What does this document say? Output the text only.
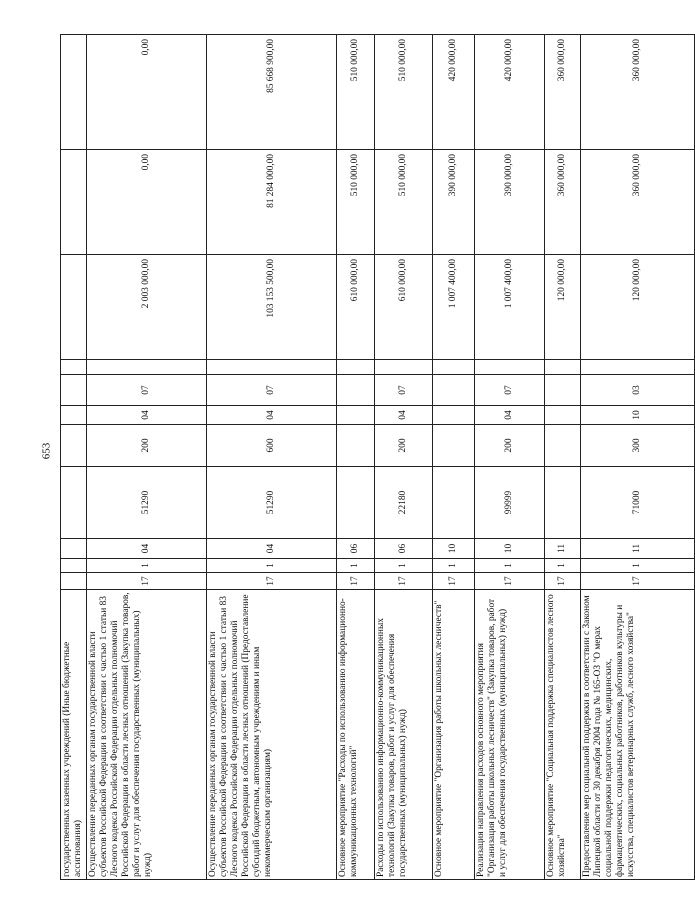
653
государственных казенных учреждений (Иные бюджетные ассигнования)											
Осуществление переданных органам государственной власти субъектов Российской Федерации в соответствии с частью 1 статьи 83 Лесного кодекса Российской Федерации отдельных полномочий Российской Федерации в области лесных отношений (Закупка товаров, работ и услуг для обеспечения государственных (муниципальных) нужд)	17	1	04	51290	200	04	07		2 003 000,00	0,00	0,00
Осуществление переданных органам государственной власти субъектов Российской Федерации в соответствии с частью 1 статьи 83 Лесного кодекса Российской Федерации отдельных полномочий Российской Федерации в области лесных отношений (Предоставление субсидий бюджетным, автономным учреждениям и иным некоммерческим организациям)	17	1	04	51290	600	04	07		103 153 500,00	81 284 000,00	85 668 900,00
Основное мероприятие "Расходы по использованию информационно-коммуникационных технологий"	17	1	06						610 000,00	510 000,00	510 000,00
Расходы по использованию информационно-коммуникационных технологий (Закупка товаров, работ и услуг для обеспечения государственных (муниципальных) нужд)	17	1	06	22180	200	04	07		610 000,00	510 000,00	510 000,00
Основное мероприятие "Организация работы школьных лесничеств"	17	1	10						1 007 400,00	390 000,00	420 000,00
Реализация направления расходов основного мероприятия "Организация работы школьных лесничеств" (Закупка товаров, работ и услуг для обеспечения государственных (муниципальных) нужд)	17	1	10	99999	200	04	07		1 007 400,00	390 000,00	420 000,00
Основное мероприятие "Социальная поддержка специалистов лесного хозяйства"	17	1	11						120 000,00	360 000,00	360 000,00
Предоставление мер социальной поддержки в соответствии с Законом Липецкой области от 30 декабря 2004 года № 165-ОЗ "О мерах социальной поддержки педагогических, медицинских, фармацевтических, социальных работников, работников культуры и искусства, специалистов ветеринарных служб, лесного хозяйства"	17	1	11	71000	300	10	03		120 000,00	360 000,00	360 000,00
